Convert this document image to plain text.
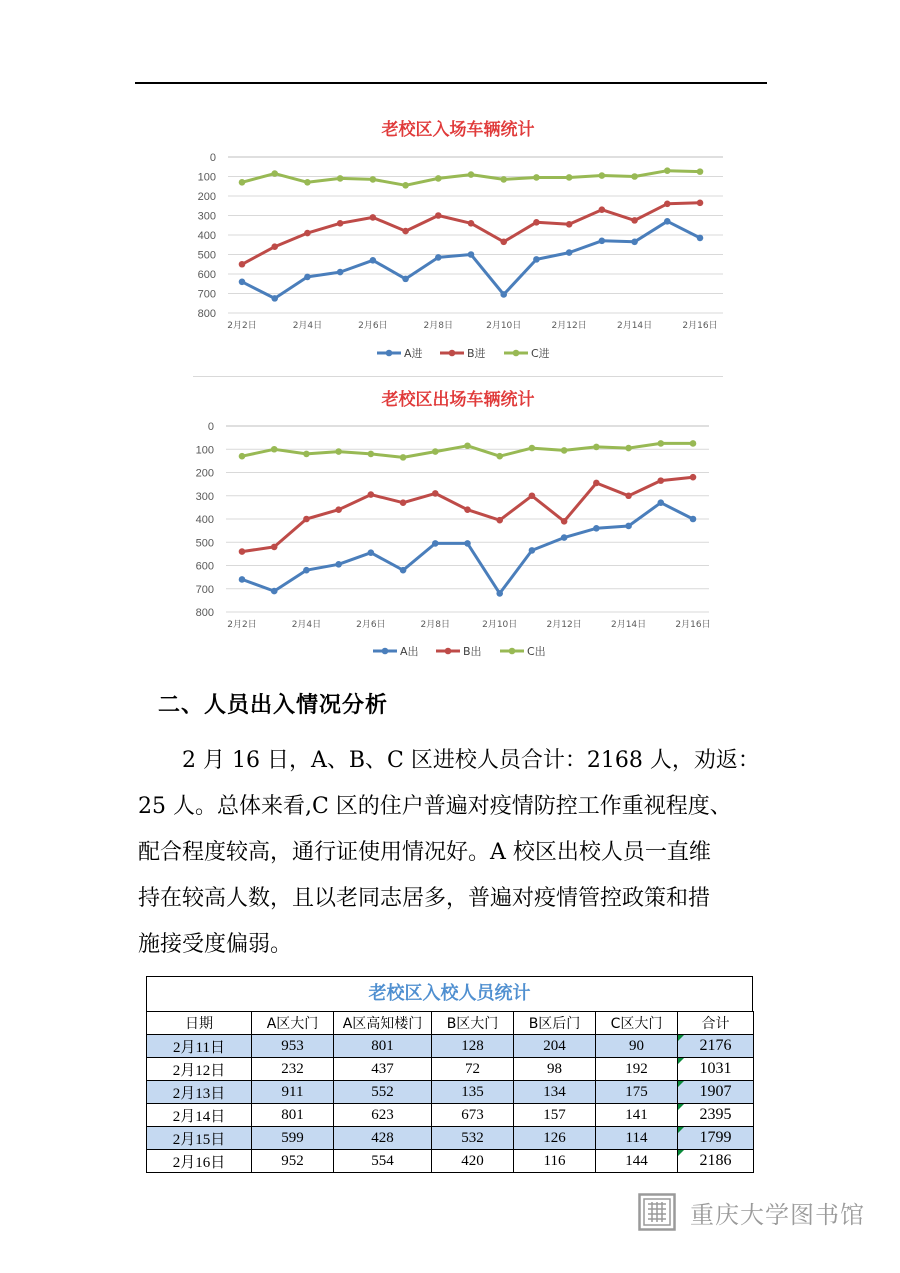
老校区入场车辆统计
0
100
200
300
400
500
600
700
800
2月2日	2月4日	2月6日	2月8日	2月10日	2月12日	2月14日	2月16日
A进	B进	C进
老校区出场车辆统计
0
100
200
300
400
500
600
700
800
2月2日	2月4日	2月6日	2月8日	2月10日	2月12日	2月14日	2月16日
A出	B出	C出
二、人员出入情况分析
2 月 16 日，A、B、C 区进校人员合计：2168 人，劝返：
25 人。总体来看,C 区的住户普遍对疫情防控工作重视程度、
配合程度较高，通行证使用情况好。A 校区出校人员一直维
持在较高人数，且以老同志居多，普遍对疫情管控政策和措
施接受度偏弱。
老校区入校人员统计
日期	A区大门	A区高知楼门	B区大门	B区后门	C区大门	合计
2月11日	953	801	128	204	90	2176
2月12日	232	437	72	98	192	1031
2月13日	911	552	135	134	175	1907
2月14日	801	623	673	157	141	2395
2月15日	599	428	532	126	114	1799
2月16日	952	554	420	116	144	2186
重庆大学图书馆
